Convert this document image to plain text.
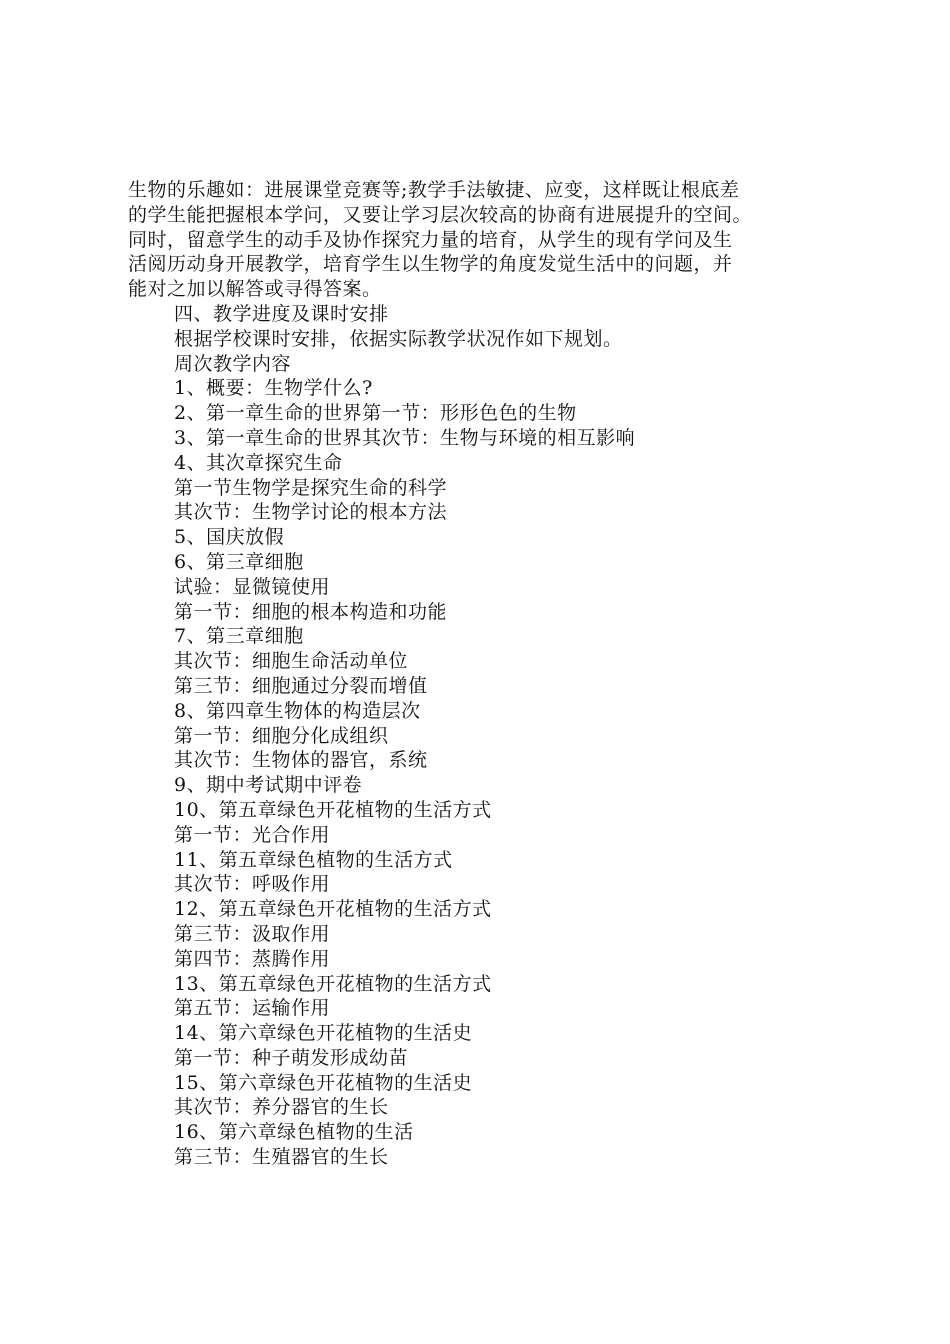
生物的乐趣如：进展课堂竞赛等;教学手法敏捷、应变，这样既让根底差
的学生能把握根本学问，又要让学习层次较高的协商有进展提升的空间。
同时，留意学生的动手及协作探究力量的培育，从学生的现有学问及生
活阅历动身开展教学，培育学生以生物学的角度发觉生活中的问题，并
能对之加以解答或寻得答案。
四、教学进度及课时安排
根据学校课时安排，依据实际教学状况作如下规划。
周次教学内容
1、概要：生物学什么?
2、第一章生命的世界第一节：形形色色的生物
3、第一章生命的世界其次节：生物与环境的相互影响
4、其次章探究生命
第一节生物学是探究生命的科学
其次节：生物学讨论的根本方法
5、国庆放假
6、第三章细胞
试验：显微镜使用
第一节：细胞的根本构造和功能
7、第三章细胞
其次节：细胞生命活动单位
第三节：细胞通过分裂而增值
8、第四章生物体的构造层次
第一节：细胞分化成组织
其次节：生物体的器官，系统
9、期中考试期中评卷
10、第五章绿色开花植物的生活方式
第一节：光合作用
11、第五章绿色植物的生活方式
其次节：呼吸作用
12、第五章绿色开花植物的生活方式
第三节：汲取作用
第四节：蒸腾作用
13、第五章绿色开花植物的生活方式
第五节：运输作用
14、第六章绿色开花植物的生活史
第一节：种子萌发形成幼苗
15、第六章绿色开花植物的生活史
其次节：养分器官的生长
16、第六章绿色植物的生活
第三节：生殖器官的生长
